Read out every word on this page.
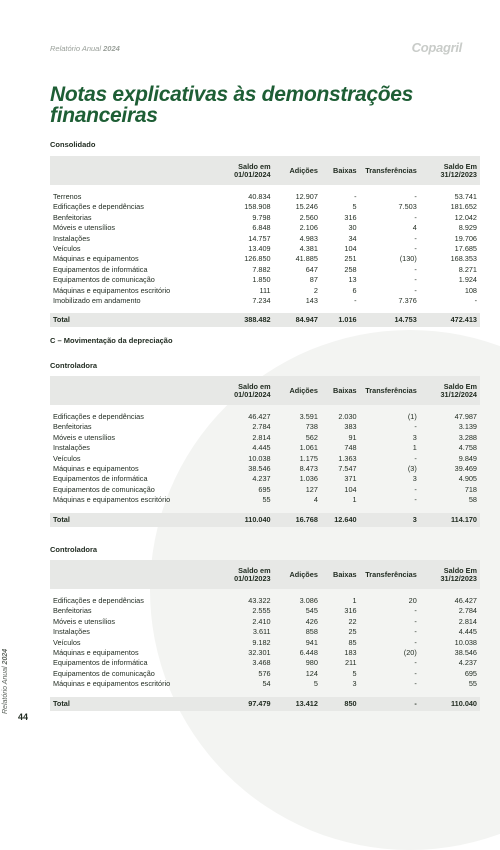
Relatório Anual 2024	Copagril
Notas explicativas às demonstrações financeiras
Consolidado
	Saldo em 01/01/2024	Adições	Baixas	Transferências	Saldo Em 31/12/2023

Terrenos	40.834	12.907	-	-	53.741
Edificações e dependências	158.908	15.246	5	7.503	181.652
Benfeitorias	9.798	2.560	316	-	12.042
Móveis e utensílios	6.848	2.106	30	4	8.929
Instalações	14.757	4.983	34	-	19.706
Veículos	13.409	4.381	104	-	17.685
Máquinas e equipamentos	126.850	41.885	251	(130)	168.353
Equipamentos de informática	7.882	647	258	-	8.271
Equipamentos de comunicação	1.850	87	13	-	1.924
Máquinas e equipamentos escritório	111	2	6	-	108
Imobilizado em andamento	7.234	143	-	7.376	-

Total	388.482	84.947	1.016	14.753	472.413
C – Movimentação da depreciação
Controladora
	Saldo em 01/01/2024	Adições	Baixas	Transferências	Saldo Em 31/12/2024

Edificações e dependências	46.427	3.591	2.030	(1)	47.987
Benfeitorias	2.784	738	383	-	3.139
Móveis e utensílios	2.814	562	91	3	3.288
Instalações	4.445	1.061	748	1	4.758
Veículos	10.038	1.175	1.363	-	9.849
Máquinas e equipamentos	38.546	8.473	7.547	(3)	39.469
Equipamentos de informática	4.237	1.036	371	3	4.905
Equipamentos de comunicação	695	127	104	-	718
Máquinas e equipamentos escritório	55	4	1	-	58

Total	110.040	16.768	12.640	3	114.170
Controladora
	Saldo em 01/01/2023	Adições	Baixas	Transferências	Saldo Em 31/12/2023

Edificações e dependências	43.322	3.086	1	20	46.427
Benfeitorias	2.555	545	316	-	2.784
Móveis e utensílios	2.410	426	22	-	2.814
Instalações	3.611	858	25	-	4.445
Veículos	9.182	941	85	-	10.038
Máquinas e equipamentos	32.301	6.448	183	(20)	38.546
Equipamentos de informática	3.468	980	211	-	4.237
Equipamentos de comunicação	576	124	5	-	695
Máquinas e equipamentos escritório	54	5	3	-	55

Total	97.479	13.412	850	-	110.040
Relatório Anual 2024
44
